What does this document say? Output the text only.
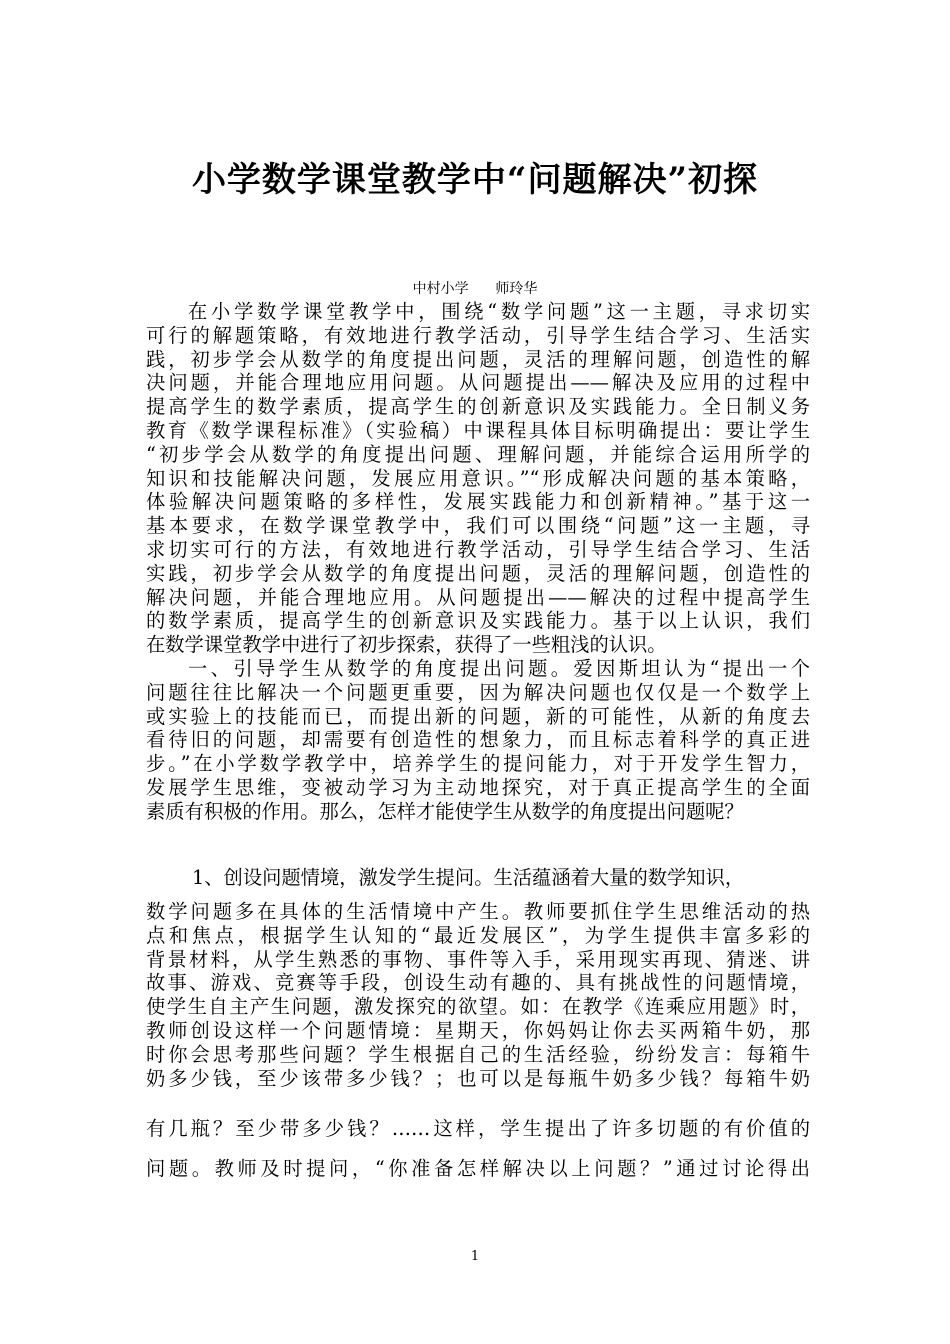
小学数学课堂教学中“问题解决”初探
中村小学      师玲华
在小学数学课堂教学中，围绕“数学问题”这一主题，寻求切实
可行的解题策略，有效地进行教学活动，引导学生结合学习、生活实
践，初步学会从数学的角度提出问题，灵活的理解问题，创造性的解
决问题，并能合理地应用问题。从问题提出——解决及应用的过程中
提高学生的数学素质，提高学生的创新意识及实践能力。全日制义务
教育《数学课程标准》（实验稿）中课程具体目标明确提出：要让学生
“初步学会从数学的角度提出问题、理解问题，并能综合运用所学的
知识和技能解决问题，发展应用意识。”“形成解决问题的基本策略，
体验解决问题策略的多样性，发展实践能力和创新精神。”基于这一
基本要求，在数学课堂教学中，我们可以围绕“问题”这一主题，寻
求切实可行的方法，有效地进行教学活动，引导学生结合学习、生活
实践，初步学会从数学的角度提出问题，灵活的理解问题，创造性的
解决问题，并能合理地应用。从问题提出——解决的过程中提高学生
的数学素质，提高学生的创新意识及实践能力。基于以上认识，我们
在数学课堂教学中进行了初步探索，获得了一些粗浅的认识。
一、引导学生从数学的角度提出问题。爱因斯坦认为“提出一个
问题往往比解决一个问题更重要，因为解决问题也仅仅是一个数学上
或实验上的技能而已，而提出新的问题，新的可能性，从新的角度去
看待旧的问题，却需要有创造性的想象力，而且标志着科学的真正进
步。”在小学数学教学中，培养学生的提问能力，对于开发学生智力，
发展学生思维，变被动学习为主动地探究，对于真正提高学生的全面
素质有积极的作用。那么，怎样才能使学生从数学的角度提出问题呢？
1、创设问题情境，激发学生提问。生活蕴涵着大量的数学知识，
数学问题多在具体的生活情境中产生。教师要抓住学生思维活动的热
点和焦点，根据学生认知的“最近发展区”，为学生提供丰富多彩的
背景材料，从学生熟悉的事物、事件等入手，采用现实再现、猜迷、讲
故事、游戏、竞赛等手段，创设生动有趣的、具有挑战性的问题情境，
使学生自主产生问题，激发探究的欲望。如：在教学《连乘应用题》时，
教师创设这样一个问题情境：星期天，你妈妈让你去买两箱牛奶，那
时你会思考那些问题？学生根据自己的生活经验，纷纷发言：每箱牛
奶多少钱，至少该带多少钱？；也可以是每瓶牛奶多少钱？每箱牛奶
有几瓶？至少带多少钱？……这样，学生提出了许多切题的有价值的
问题。教师及时提问，“你准备怎样解决以上问题？”通过讨论得出
1
